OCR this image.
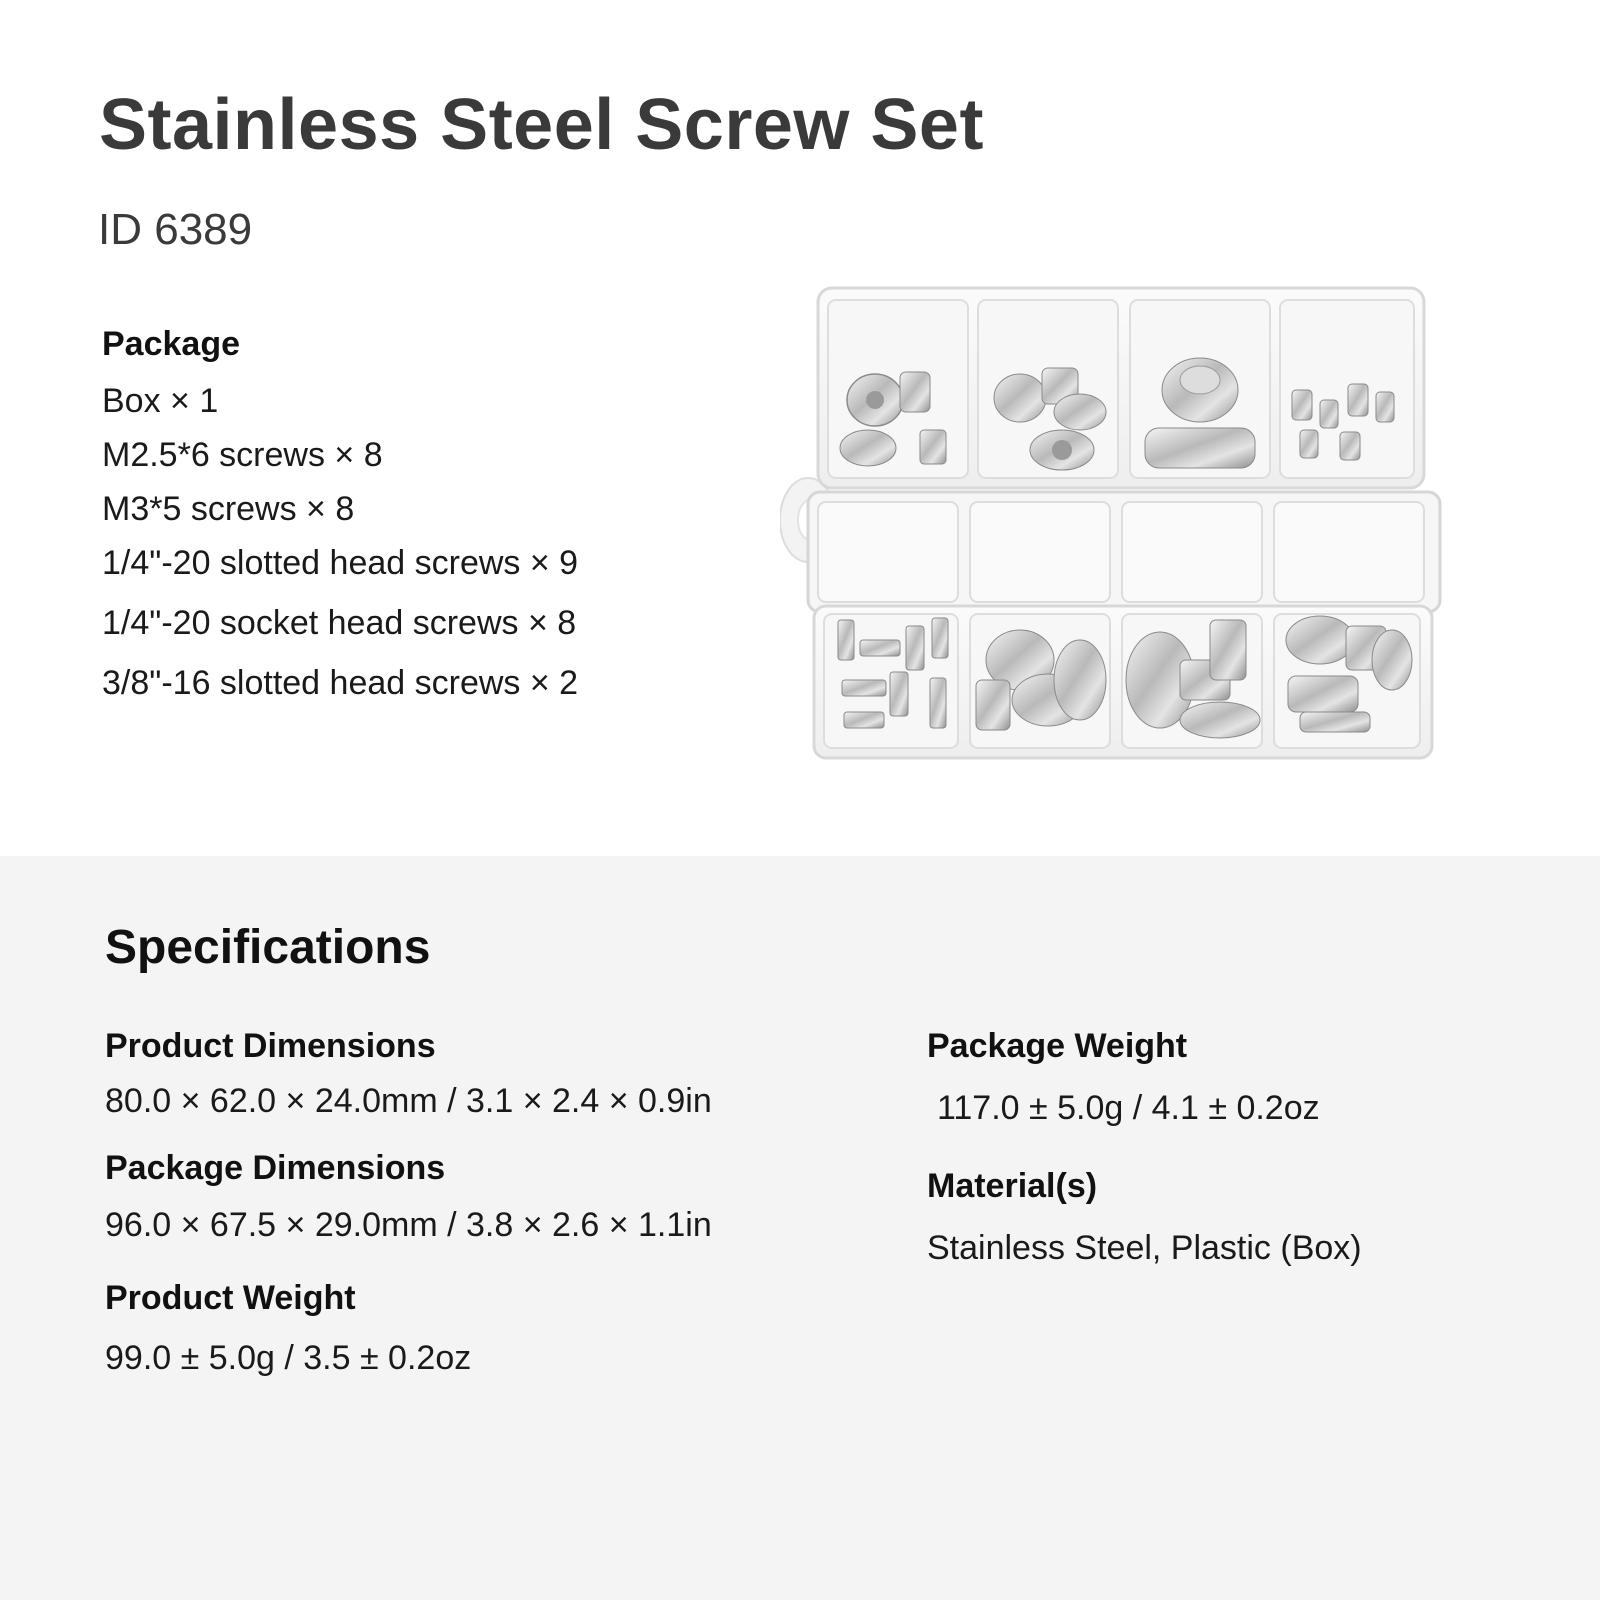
Stainless Steel Screw Set
ID 6389
Package
Box × 1
M2.5*6 screws × 8
M3*5 screws × 8
1/4"-20 slotted head screws × 9
1/4"-20 socket head screws × 8
3/8"-16 slotted head screws × 2
Specifications
Product Dimensions
80.0 × 62.0 × 24.0mm / 3.1 × 2.4 × 0.9in
Package Dimensions
96.0 × 67.5 × 29.0mm / 3.8 × 2.6 × 1.1in
Product Weight
99.0 ± 5.0g / 3.5 ± 0.2oz
Package Weight
117.0 ± 5.0g / 4.1 ± 0.2oz
Material(s)
Stainless Steel, Plastic (Box)
